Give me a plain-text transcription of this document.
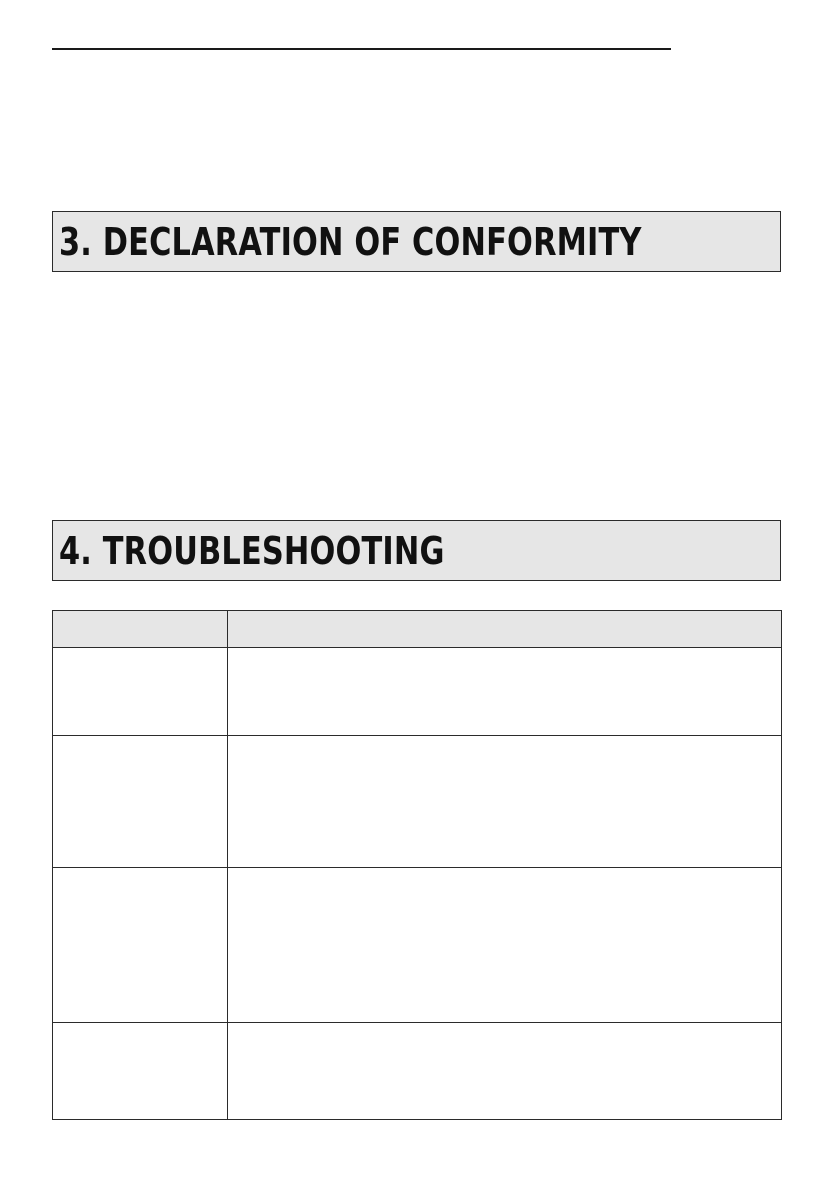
3. DECLARATION OF CONFORMITY
4. TROUBLESHOOTING
